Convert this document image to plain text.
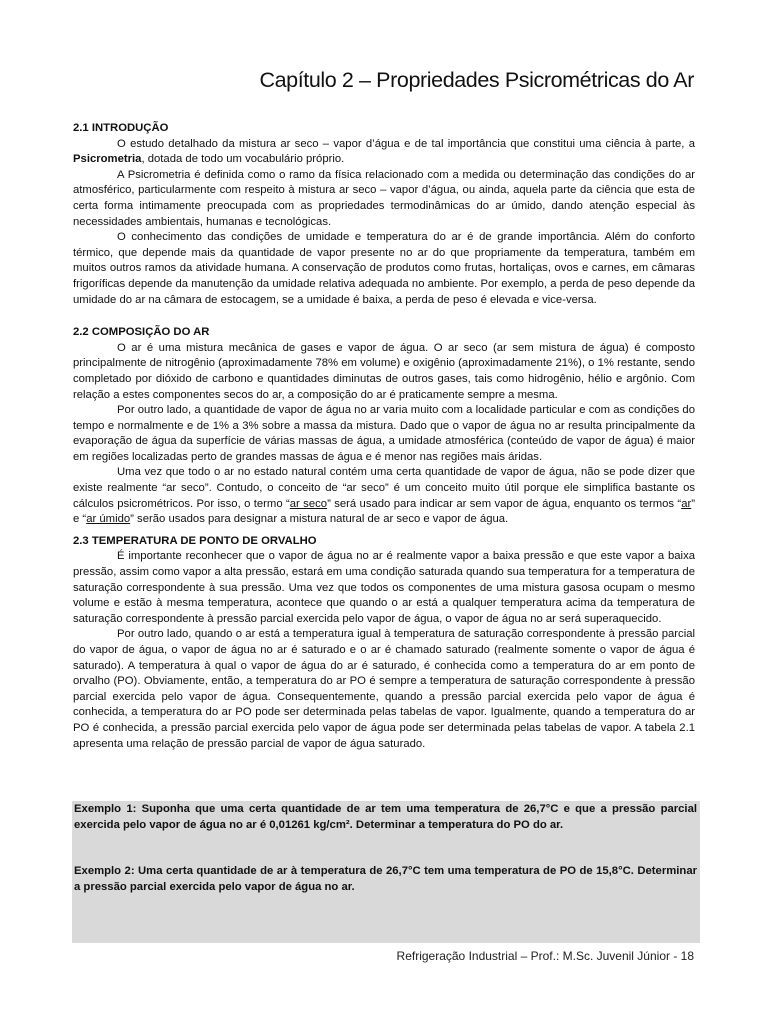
Capítulo 2 – Propriedades Psicrométricas do Ar
2.1 INTRODUÇÃO

O estudo detalhado da mistura ar seco – vapor d’água e de tal importância que constitui uma ciência à parte, a Psicrometria, dotada de todo um vocabulário próprio.

A Psicrometria é definida como o ramo da física relacionado com a medida ou determinação das condições do ar atmosférico, particularmente com respeito à mistura ar seco – vapor d’água, ou ainda, aquela parte da ciência que esta de certa forma intimamente preocupada com as propriedades termodinâmicas do ar úmido, dando atenção especial às necessidades ambientais, humanas e tecnológicas.

O conhecimento das condições de umidade e temperatura do ar é de grande importância. Além do conforto térmico, que depende mais da quantidade de vapor presente no ar do que propriamente da temperatura, também em muitos outros ramos da atividade humana. A conservação de produtos como frutas, hortaliças, ovos e carnes, em câmaras frigoríficas depende da manutenção da umidade relativa adequada no ambiente. Por exemplo, a perda de peso depende da umidade do ar na câmara de estocagem, se a umidade é baixa, a perda de peso é elevada e vice-versa.

2.2 COMPOSIÇÃO DO AR

O ar é uma mistura mecânica de gases e vapor de água. O ar seco (ar sem mistura de água) é composto principalmente de nitrogênio (aproximadamente 78% em volume) e oxigênio (aproximadamente 21%), o 1% restante, sendo completado por dióxido de carbono e quantidades diminutas de outros gases, tais como hidrogênio, hélio e argônio. Com relação a estes componentes secos do ar, a composição do ar é praticamente sempre a mesma.

Por outro lado, a quantidade de vapor de água no ar varia muito com a localidade particular e com as condições do tempo e normalmente e de 1% a 3% sobre a massa da mistura. Dado que o vapor de água no ar resulta principalmente da evaporação de água da superfície de várias massas de água, a umidade atmosférica (conteúdo de vapor de água) é maior em regiões localizadas perto de grandes massas de água e é menor nas regiões mais áridas.

Uma vez que todo o ar no estado natural contém uma certa quantidade de vapor de água, não se pode dizer que existe realmente “ar seco”. Contudo, o conceito de “ar seco” é um conceito muito útil porque ele simplifica bastante os cálculos psicrométricos. Por isso, o termo “ar seco” será usado para indicar ar sem vapor de água, enquanto os termos “ar” e “ar úmido” serão usados para designar a mistura natural de ar seco e vapor de água.

2.3 TEMPERATURA DE PONTO DE ORVALHO

É importante reconhecer que o vapor de água no ar é realmente vapor a baixa pressão e que este vapor a baixa pressão, assim como vapor a alta pressão, estará em uma condição saturada quando sua temperatura for a temperatura de saturação correspondente à sua pressão. Uma vez que todos os componentes de uma mistura gasosa ocupam o mesmo volume e estão à mesma temperatura, acontece que quando o ar está a qualquer temperatura acima da temperatura de saturação correspondente à pressão parcial exercida pelo vapor de água, o vapor de água no ar será superaquecido.

Por outro lado, quando o ar está a temperatura igual à temperatura de saturação correspondente à pressão parcial do vapor de água, o vapor de água no ar é saturado e o ar é chamado saturado (realmente somente o vapor de água é saturado). A temperatura à qual o vapor de água do ar é saturado, é conhecida como a temperatura do ar em ponto de orvalho (PO). Obviamente, então, a temperatura do ar PO é sempre a temperatura de saturação correspondente à pressão parcial exercida pelo vapor de água. Consequentemente, quando a pressão parcial exercida pelo vapor de água é conhecida, a temperatura do ar PO pode ser determinada pelas tabelas de vapor. Igualmente, quando a temperatura do ar PO é conhecida, a pressão parcial exercida pelo vapor de água pode ser determinada pelas tabelas de vapor. A tabela 2.1 apresenta uma relação de pressão parcial de vapor de água saturado.

Exemplo 1: Suponha que uma certa quantidade de ar tem uma temperatura de 26,7°C e que a pressão parcial exercida pelo vapor de água no ar é 0,01261 kg/cm². Determinar a temperatura do PO do ar.

Exemplo 2: Uma certa quantidade de ar à temperatura de 26,7°C tem uma temperatura de PO de 15,8°C. Determinar a pressão parcial exercida pelo vapor de água no ar.

Refrigeração Industrial – Prof.: M.Sc. Juvenil Júnior - 18
